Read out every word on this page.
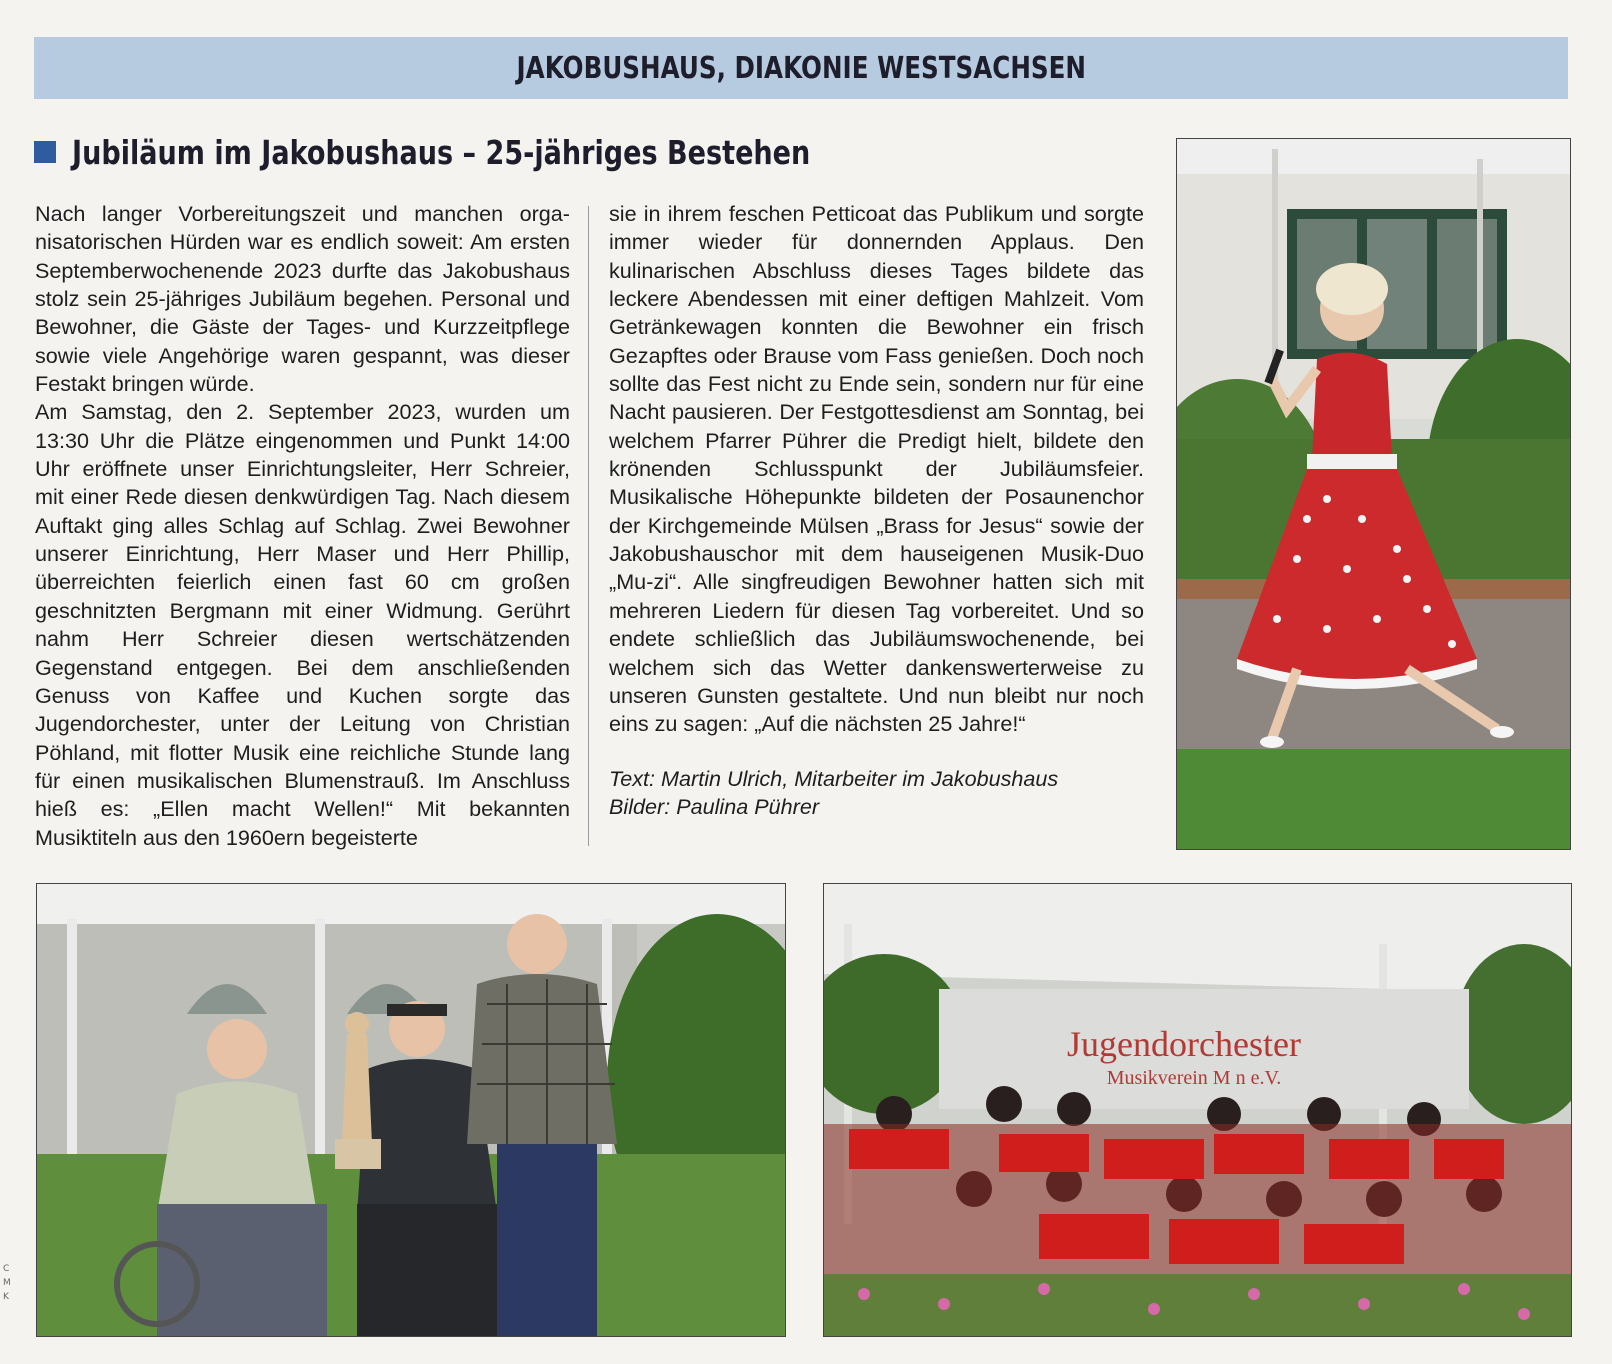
JAKOBUSHAUS, DIAKONIE WESTSACHSEN
Jubiläum im Jakobushaus – 25-jähriges Bestehen

Nach langer Vorbereitungszeit und manchen organisatorischen Hürden war es endlich soweit: Am ersten Septemberwochenende 2023 durfte das Jakobushaus stolz sein 25-jähriges Jubiläum begehen. Personal und Bewohner, die Gäste der Tages- und Kurzzeitpflege sowie viele Angehörige waren gespannt, was dieser Festakt bringen würde.

Am Samstag, den 2. September 2023, wurden um 13:30 Uhr die Plätze eingenommen und Punkt 14:00 Uhr eröffnete unser Einrichtungsleiter, Herr Schreier, mit einer Rede diesen denkwürdigen Tag. Nach diesem Auftakt ging alles Schlag auf Schlag. Zwei Bewohner unserer Einrichtung, Herr Maser und Herr Phillip, überreichten feierlich einen fast 60 cm großen geschnitzten Bergmann mit einer Widmung. Gerührt nahm Herr Schreier diesen wertschätzenden Gegenstand entgegen. Bei dem anschließenden Genuss von Kaffee und Kuchen sorgte das Jugendorchester, unter der Leitung von Christian Pöhland, mit flotter Musik eine reichliche Stunde lang für einen musikalischen Blumenstrauß. Im Anschluss hieß es: „Ellen macht Wellen!“ Mit bekannten Musiktiteln aus den 1960ern begeisterte

sie in ihrem feschen Petticoat das Publikum und sorgte immer wieder für donnernden Applaus. Den kulinarischen Abschluss dieses Tages bildete das leckere Abendessen mit einer deftigen Mahlzeit. Vom Getränkewagen konnten die Bewohner ein frisch Gezapftes oder Brause vom Fass genießen. Doch noch sollte das Fest nicht zu Ende sein, sondern nur für eine Nacht pausieren. Der Festgottesdienst am Sonntag, bei welchem Pfarrer Pührer die Predigt hielt, bildete den krönenden Schlusspunkt der Jubiläumsfeier. Musikalische Höhepunkte bildeten der Posaunenchor der Kirchgemeinde Mülsen „Brass for Jesus“ sowie der Jakobushauschor mit dem hauseigenen Musik-Duo „Mu-zi“. Alle singfreudigen Bewohner hatten sich mit mehreren Liedern für diesen Tag vorbereitet. Und so endete schließlich das Jubiläumswochenende, bei welchem sich das Wetter dankenswerterweise zu unseren Gunsten gestaltete. Und nun bleibt nur noch eins zu sagen: „Auf die nächsten 25 Jahre!“

Text: Martin Ulrich, Mitarbeiter im Jakobushaus
Bilder: Paulina Pührer

Jugendorchester
Musikverein M n e.V.
C
M
K
